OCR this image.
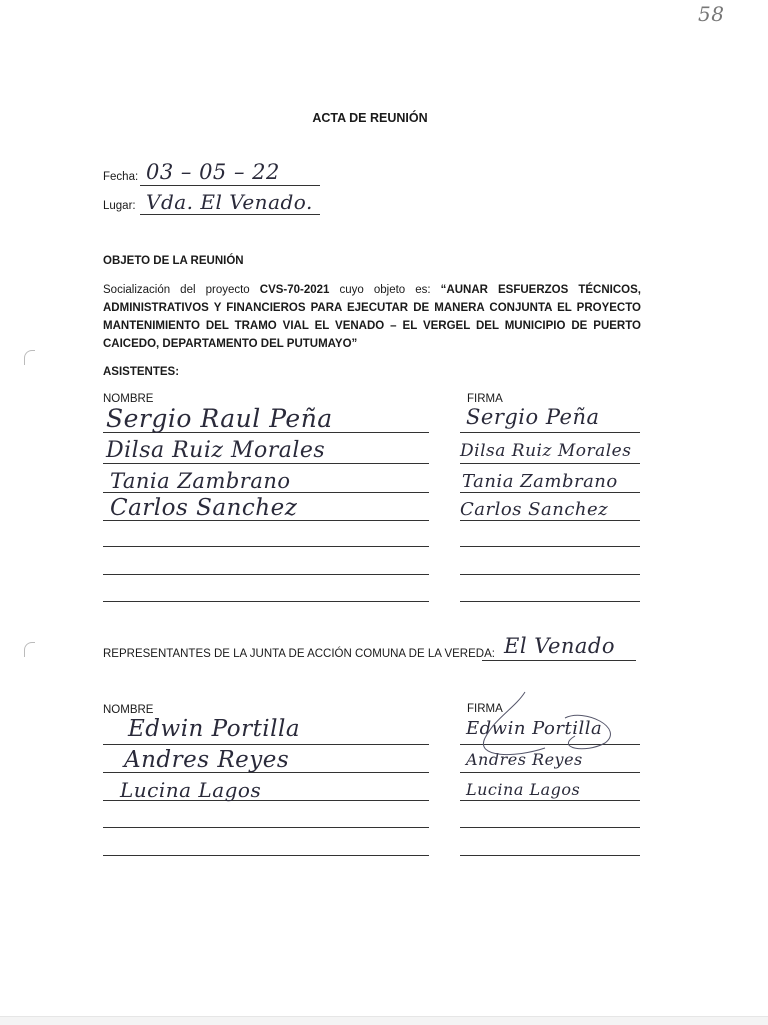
58
ACTA DE REUNIÓN
Fecha: 03 – 05 – 22
Lugar: Vda. El Venado.
OBJETO DE LA REUNIÓN
Socialización del proyecto CVS-70-2021 cuyo objeto es: “AUNAR ESFUERZOS TÉCNICOS,
ADMINISTRATIVOS Y FINANCIEROS PARA EJECUTAR DE MANERA CONJUNTA EL PROYECTO
MANTENIMIENTO DEL TRAMO VIAL EL VENADO – EL VERGEL DEL MUNICIPIO DE PUERTO
CAICEDO, DEPARTAMENTO DEL PUTUMAYO”
ASISTENTES:
NOMBRE	FIRMA
Sergio Raul Peña
Dilsa Ruiz Morales
Tania Zambrano
Carlos Sanchez
Sergio Peña
Dilsa Ruiz Morales
Tania Zambrano
Carlos Sanchez
REPRESENTANTES DE LA JUNTA DE ACCIÓN COMUNA DE LA VEREDA: El Venado
NOMBRE	FIRMA
Edwin Portilla
Andres Reyes
Lucina Lagos
Edwin Portilla
Andres Reyes
Lucina Lagos
